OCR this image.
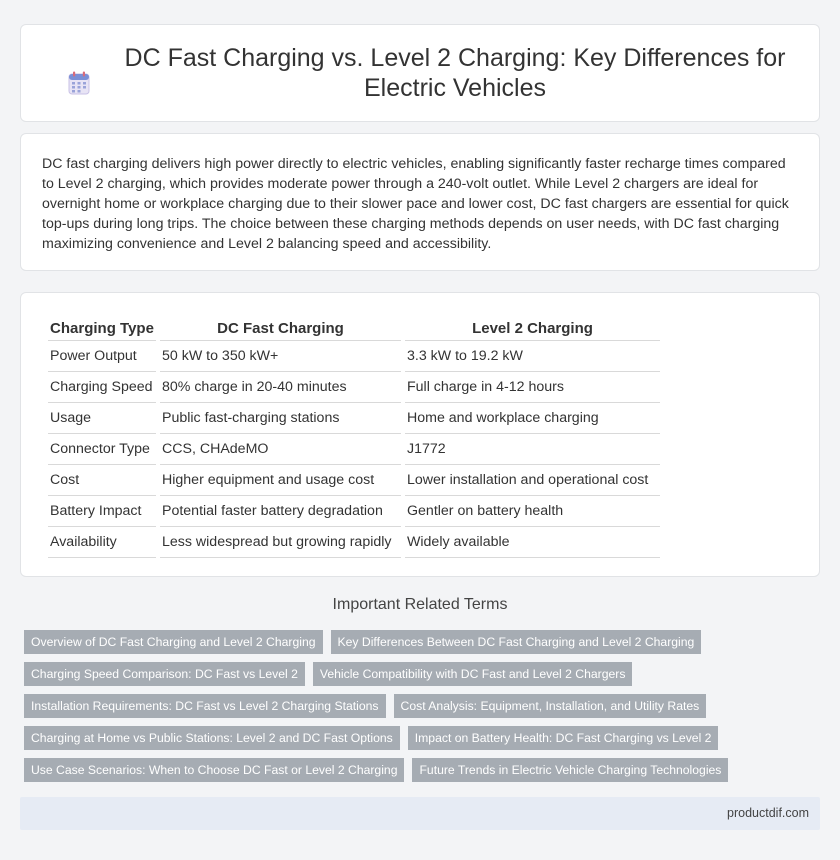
DC Fast Charging vs. Level 2 Charging: Key Differences for Electric Vehicles

DC fast charging delivers high power directly to electric vehicles, enabling significantly faster recharge times compared to Level 2 charging, which provides moderate power through a 240-volt outlet. While Level 2 chargers are ideal for overnight home or workplace charging due to their slower pace and lower cost, DC fast chargers are essential for quick top-ups during long trips. The choice between these charging methods depends on user needs, with DC fast charging maximizing convenience and Level 2 balancing speed and accessibility.

Charging Type	DC Fast Charging	Level 2 Charging
Power Output	50 kW to 350 kW+	3.3 kW to 19.2 kW
Charging Speed	80% charge in 20-40 minutes	Full charge in 4-12 hours
Usage	Public fast-charging stations	Home and workplace charging
Connector Type	CCS, CHAdeMO	J1772
Cost	Higher equipment and usage cost	Lower installation and operational cost
Battery Impact	Potential faster battery degradation	Gentler on battery health
Availability	Less widespread but growing rapidly	Widely available
Important Related Terms
Overview of DC Fast Charging and Level 2 Charging	Key Differences Between DC Fast Charging and Level 2 Charging
Charging Speed Comparison: DC Fast vs Level 2	Vehicle Compatibility with DC Fast and Level 2 Chargers
Installation Requirements: DC Fast vs Level 2 Charging Stations	Cost Analysis: Equipment, Installation, and Utility Rates
Charging at Home vs Public Stations: Level 2 and DC Fast Options	Impact on Battery Health: DC Fast Charging vs Level 2
Use Case Scenarios: When to Choose DC Fast or Level 2 Charging	Future Trends in Electric Vehicle Charging Technologies
productdif.com
